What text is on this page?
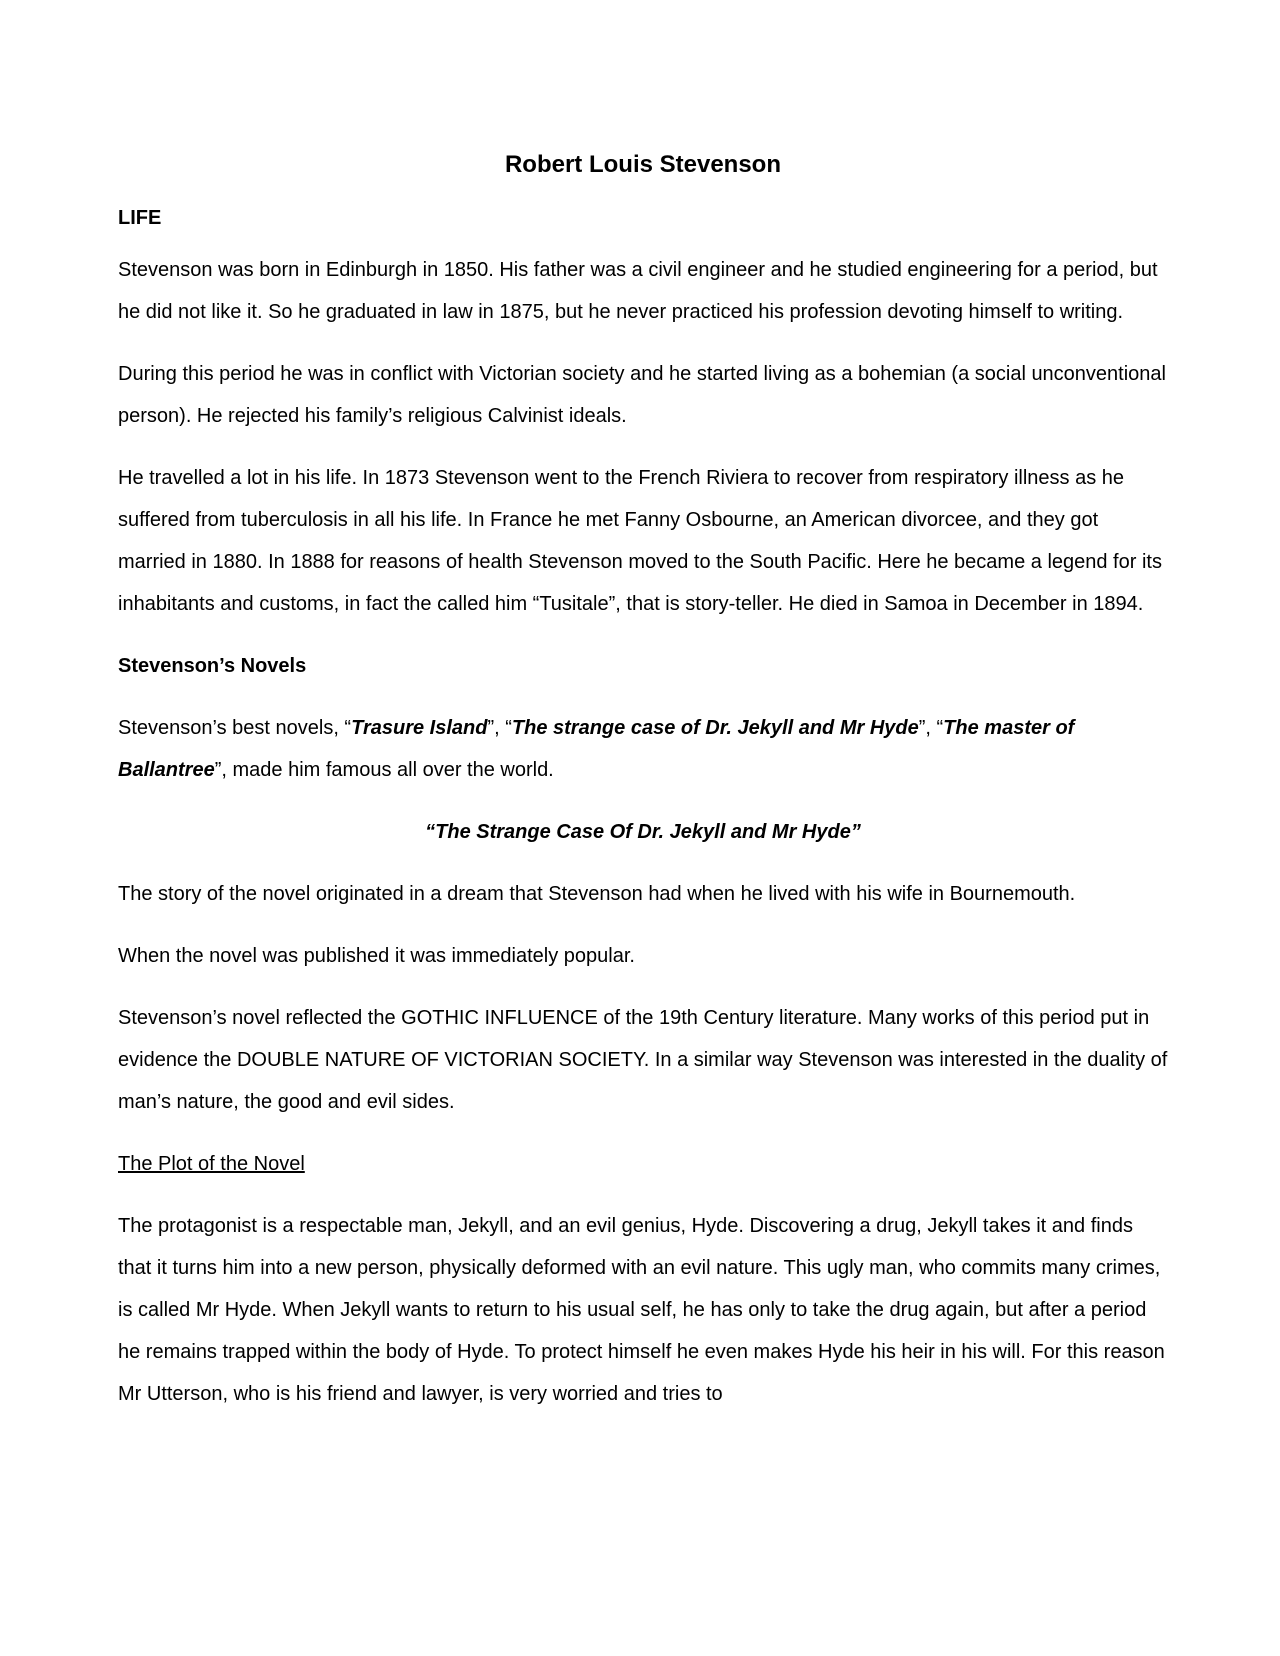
Robert Louis Stevenson
LIFE

Stevenson was born in Edinburgh in 1850. His father was a civil engineer and he studied engineering for a period, but he did not like it. So he graduated in law in 1875, but he never practiced his profession devoting himself to writing.

During this period he was in conflict with Victorian society and he started living as a bohemian (a social unconventional person). He rejected his family’s religious Calvinist ideals.

He travelled a lot in his life. In 1873 Stevenson went to the French Riviera to recover from respiratory illness as he suffered from tuberculosis in all his life. In France he met Fanny Osbourne, an American divorcee, and they got married in 1880. In 1888 for reasons of health Stevenson moved to the South Pacific. Here he became a legend for its inhabitants and customs, in fact the called him “Tusitale”, that is story-teller. He died in Samoa in December in 1894.

Stevenson’s Novels

Stevenson’s best novels, “Trasure Island”, “The strange case of Dr. Jekyll and Mr Hyde”, “The master of Ballantree”, made him famous all over the world.

“The Strange Case Of Dr. Jekyll and Mr Hyde”

The story of the novel originated in a dream that Stevenson had when he lived with his wife in Bournemouth.

When the novel was published it was immediately popular.

Stevenson’s novel reflected the GOTHIC INFLUENCE of the 19th Century literature. Many works of this period put in evidence the DOUBLE NATURE OF VICTORIAN SOCIETY. In a similar way Stevenson was interested in the duality of man’s nature, the good and evil sides.

The Plot of the Novel

The protagonist is a respectable man, Jekyll, and an evil genius, Hyde. Discovering a drug, Jekyll takes it and finds that it turns him into a new person, physically deformed with an evil nature. This ugly man, who commits many crimes, is called Mr Hyde. When Jekyll wants to return to his usual self, he has only to take the drug again, but after a period he remains trapped within the body of Hyde. To protect himself he even makes Hyde his heir in his will. For this reason Mr Utterson, who is his friend and lawyer, is very worried and tries to
